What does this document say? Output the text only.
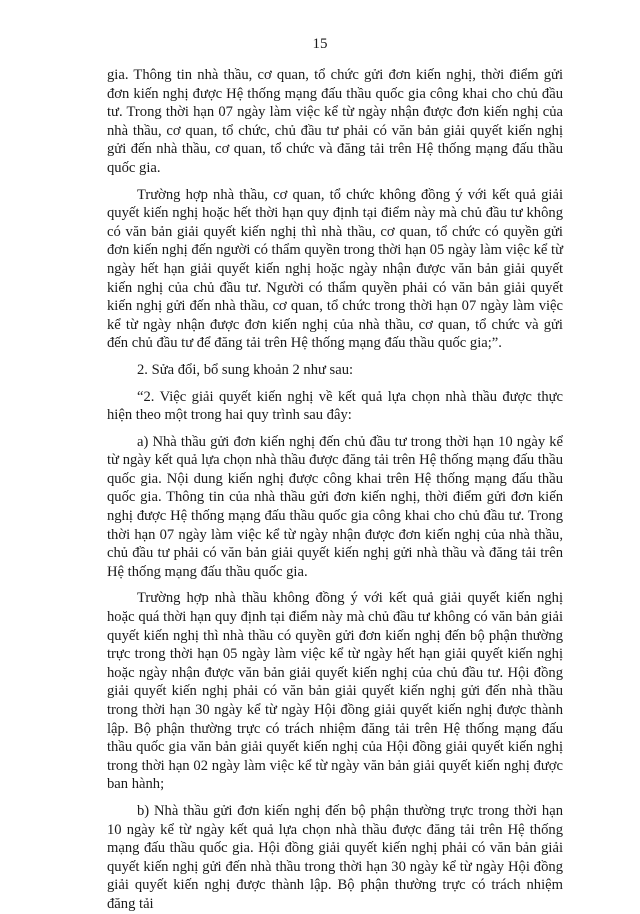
15

gia. Thông tin nhà thầu, cơ quan, tổ chức gửi đơn kiến nghị, thời điểm gửi đơn kiến nghị được Hệ thống mạng đấu thầu quốc gia công khai cho chủ đầu tư. Trong thời hạn 07 ngày làm việc kể từ ngày nhận được đơn kiến nghị của nhà thầu, cơ quan, tổ chức, chủ đầu tư phải có văn bản giải quyết kiến nghị gửi đến nhà thầu, cơ quan, tổ chức và đăng tải trên Hệ thống mạng đấu thầu quốc gia.

Trường hợp nhà thầu, cơ quan, tổ chức không đồng ý với kết quả giải quyết kiến nghị hoặc hết thời hạn quy định tại điểm này mà chủ đầu tư không có văn bản giải quyết kiến nghị thì nhà thầu, cơ quan, tổ chức có quyền gửi đơn kiến nghị đến người có thẩm quyền trong thời hạn 05 ngày làm việc kể từ ngày hết hạn giải quyết kiến nghị hoặc ngày nhận được văn bản giải quyết kiến nghị của chủ đầu tư. Người có thẩm quyền phải có văn bản giải quyết kiến nghị gửi đến nhà thầu, cơ quan, tổ chức trong thời hạn 07 ngày làm việc kể từ ngày nhận được đơn kiến nghị của nhà thầu, cơ quan, tổ chức và gửi đến chủ đầu tư để đăng tải trên Hệ thống mạng đấu thầu quốc gia;”.

2. Sửa đổi, bổ sung khoản 2 như sau:

“2. Việc giải quyết kiến nghị về kết quả lựa chọn nhà thầu được thực hiện theo một trong hai quy trình sau đây:

a) Nhà thầu gửi đơn kiến nghị đến chủ đầu tư trong thời hạn 10 ngày kể từ ngày kết quả lựa chọn nhà thầu được đăng tải trên Hệ thống mạng đấu thầu quốc gia. Nội dung kiến nghị được công khai trên Hệ thống mạng đấu thầu quốc gia. Thông tin của nhà thầu gửi đơn kiến nghị, thời điểm gửi đơn kiến nghị được Hệ thống mạng đấu thầu quốc gia công khai cho chủ đầu tư. Trong thời hạn 07 ngày làm việc kể từ ngày nhận được đơn kiến nghị của nhà thầu, chủ đầu tư phải có văn bản giải quyết kiến nghị gửi nhà thầu và đăng tải trên Hệ thống mạng đấu thầu quốc gia.

Trường hợp nhà thầu không đồng ý với kết quả giải quyết kiến nghị hoặc quá thời hạn quy định tại điểm này mà chủ đầu tư không có văn bản giải quyết kiến nghị thì nhà thầu có quyền gửi đơn kiến nghị đến bộ phận thường trực trong thời hạn 05 ngày làm việc kể từ ngày hết hạn giải quyết kiến nghị hoặc ngày nhận được văn bản giải quyết kiến nghị của chủ đầu tư. Hội đồng giải quyết kiến nghị phải có văn bản giải quyết kiến nghị gửi đến nhà thầu trong thời hạn 30 ngày kể từ ngày Hội đồng giải quyết kiến nghị được thành lập. Bộ phận thường trực có trách nhiệm đăng tải trên Hệ thống mạng đấu thầu quốc gia văn bản giải quyết kiến nghị của Hội đồng giải quyết kiến nghị trong thời hạn 02 ngày làm việc kể từ ngày văn bản giải quyết kiến nghị được ban hành;

b) Nhà thầu gửi đơn kiến nghị đến bộ phận thường trực trong thời hạn 10 ngày kể từ ngày kết quả lựa chọn nhà thầu được đăng tải trên Hệ thống mạng đấu thầu quốc gia. Hội đồng giải quyết kiến nghị phải có văn bản giải quyết kiến nghị gửi đến nhà thầu trong thời hạn 30 ngày kể từ ngày Hội đồng giải quyết kiến nghị được thành lập. Bộ phận thường trực có trách nhiệm đăng tải
